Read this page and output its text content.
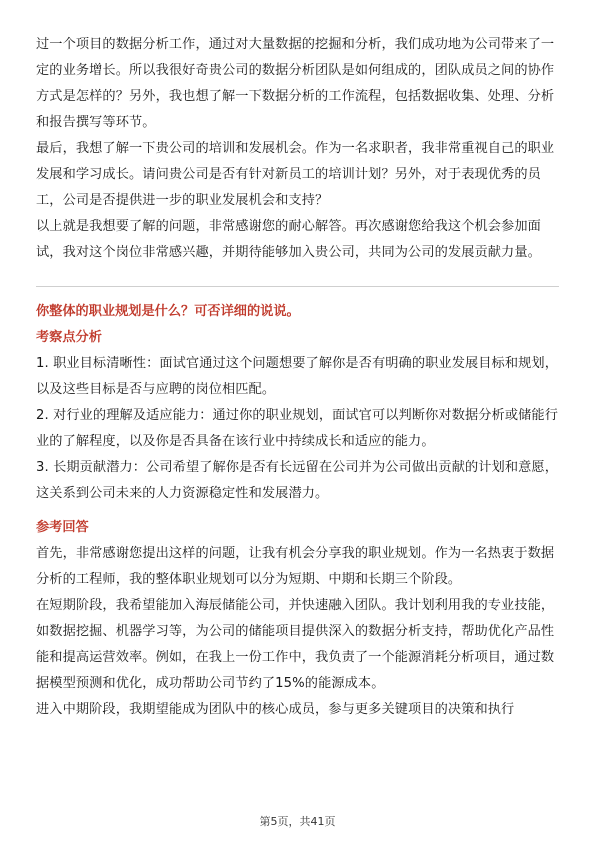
过一个项目的数据分析工作，通过对大量数据的挖掘和分析，我们成功地为公司带来了一定的业务增长。所以我很好奇贵公司的数据分析团队是如何组成的，团队成员之间的协作方式是怎样的？另外，我也想了解一下数据分析的工作流程，包括数据收集、处理、分析和报告撰写等环节。

最后，我想了解一下贵公司的培训和发展机会。作为一名求职者，我非常重视自己的职业发展和学习成长。请问贵公司是否有针对新员工的培训计划？另外，对于表现优秀的员工，公司是否提供进一步的职业发展机会和支持？

以上就是我想要了解的问题，非常感谢您的耐心解答。再次感谢您给我这个机会参加面试，我对这个岗位非常感兴趣，并期待能够加入贵公司，共同为公司的发展贡献力量。

你整体的职业规划是什么？可否详细的说说。

考察点分析

1. 职业目标清晰性：面试官通过这个问题想要了解你是否有明确的职业发展目标和规划，以及这些目标是否与应聘的岗位相匹配。

2. 对行业的理解及适应能力：通过你的职业规划，面试官可以判断你对数据分析或储能行业的了解程度，以及你是否具备在该行业中持续成长和适应的能力。

3. 长期贡献潜力：公司希望了解你是否有长远留在公司并为公司做出贡献的计划和意愿，这关系到公司未来的人力资源稳定性和发展潜力。

参考回答

首先，非常感谢您提出这样的问题，让我有机会分享我的职业规划。作为一名热衷于数据分析的工程师，我的整体职业规划可以分为短期、中期和长期三个阶段。

在短期阶段，我希望能加入海辰储能公司，并快速融入团队。我计划利用我的专业技能，如数据挖掘、机器学习等，为公司的储能项目提供深入的数据分析支持，帮助优化产品性能和提高运营效率。例如，在我上一份工作中，我负责了一个能源消耗分析项目，通过数据模型预测和优化，成功帮助公司节约了15%的能源成本。

进入中期阶段，我期望能成为团队中的核心成员，参与更多关键项目的决策和执行

第5页，共41页
